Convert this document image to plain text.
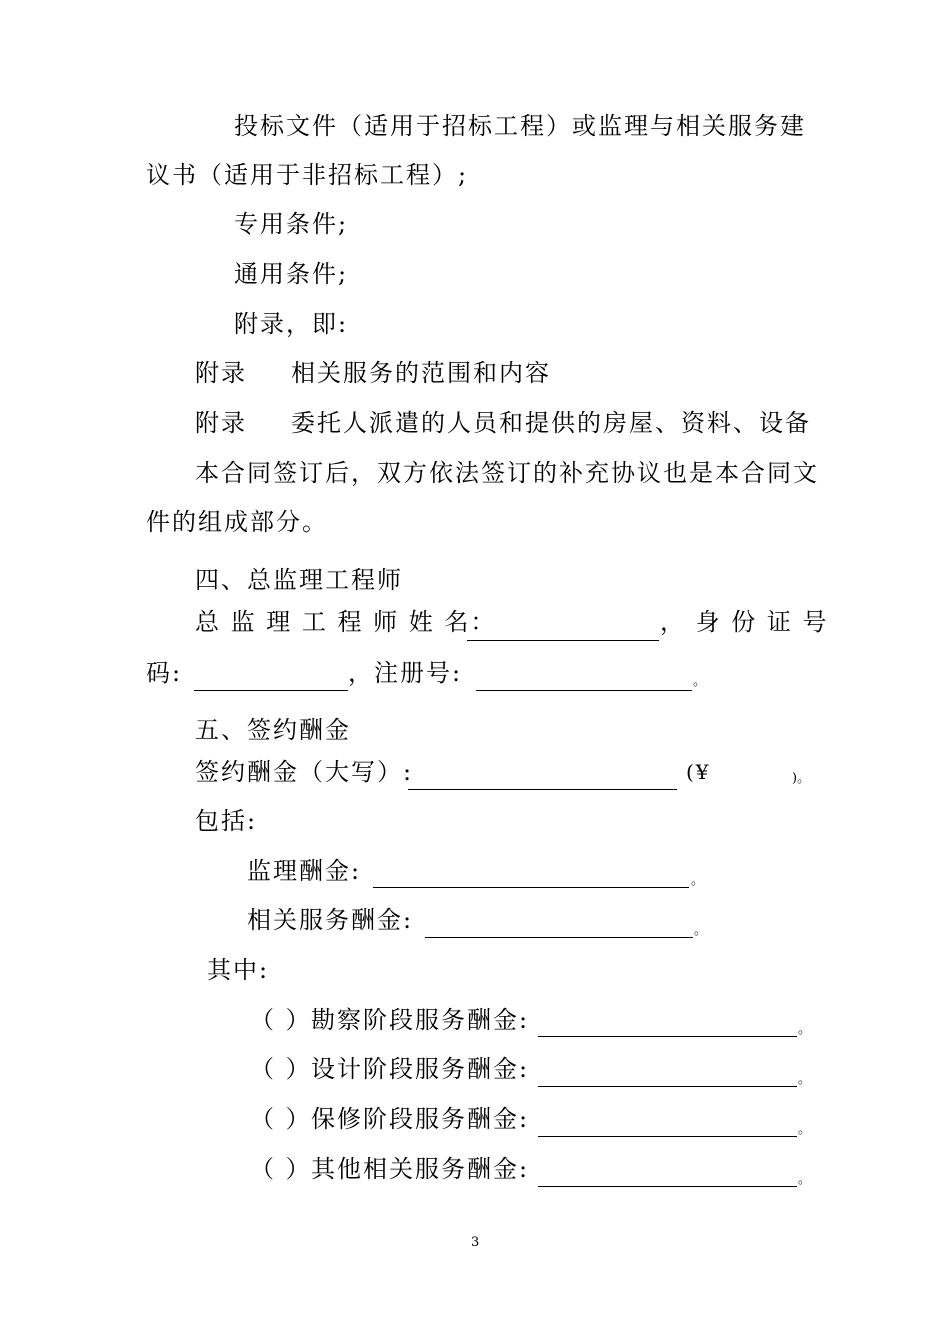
投标文件（适用于招标工程）或监理与相关服务建
议书（适用于非招标工程）;
专用条件;
通用条件;
附录，即:
附录 相关服务的范围和内容
附录 委托人派遣的人员和提供的房屋、资料、设备
本合同签订后，双方依法签订的补充协议也是本合同文
件的组成部分。
四、总监理工程师
总 监 理 工 程 师 姓 名：	， 身 份 证 号
码:	，注册号:	。
五、签约酬金
签约酬金（大写）:	(¥	)。
包括:
监理酬金:	。
相关服务酬金:	。
其中:
（ ） 勘察阶段服务酬金:	。
（ ） 设计阶段服务酬金:	。
（ ） 保修阶段服务酬金:	。
（ ） 其他相关服务酬金:	。
3
